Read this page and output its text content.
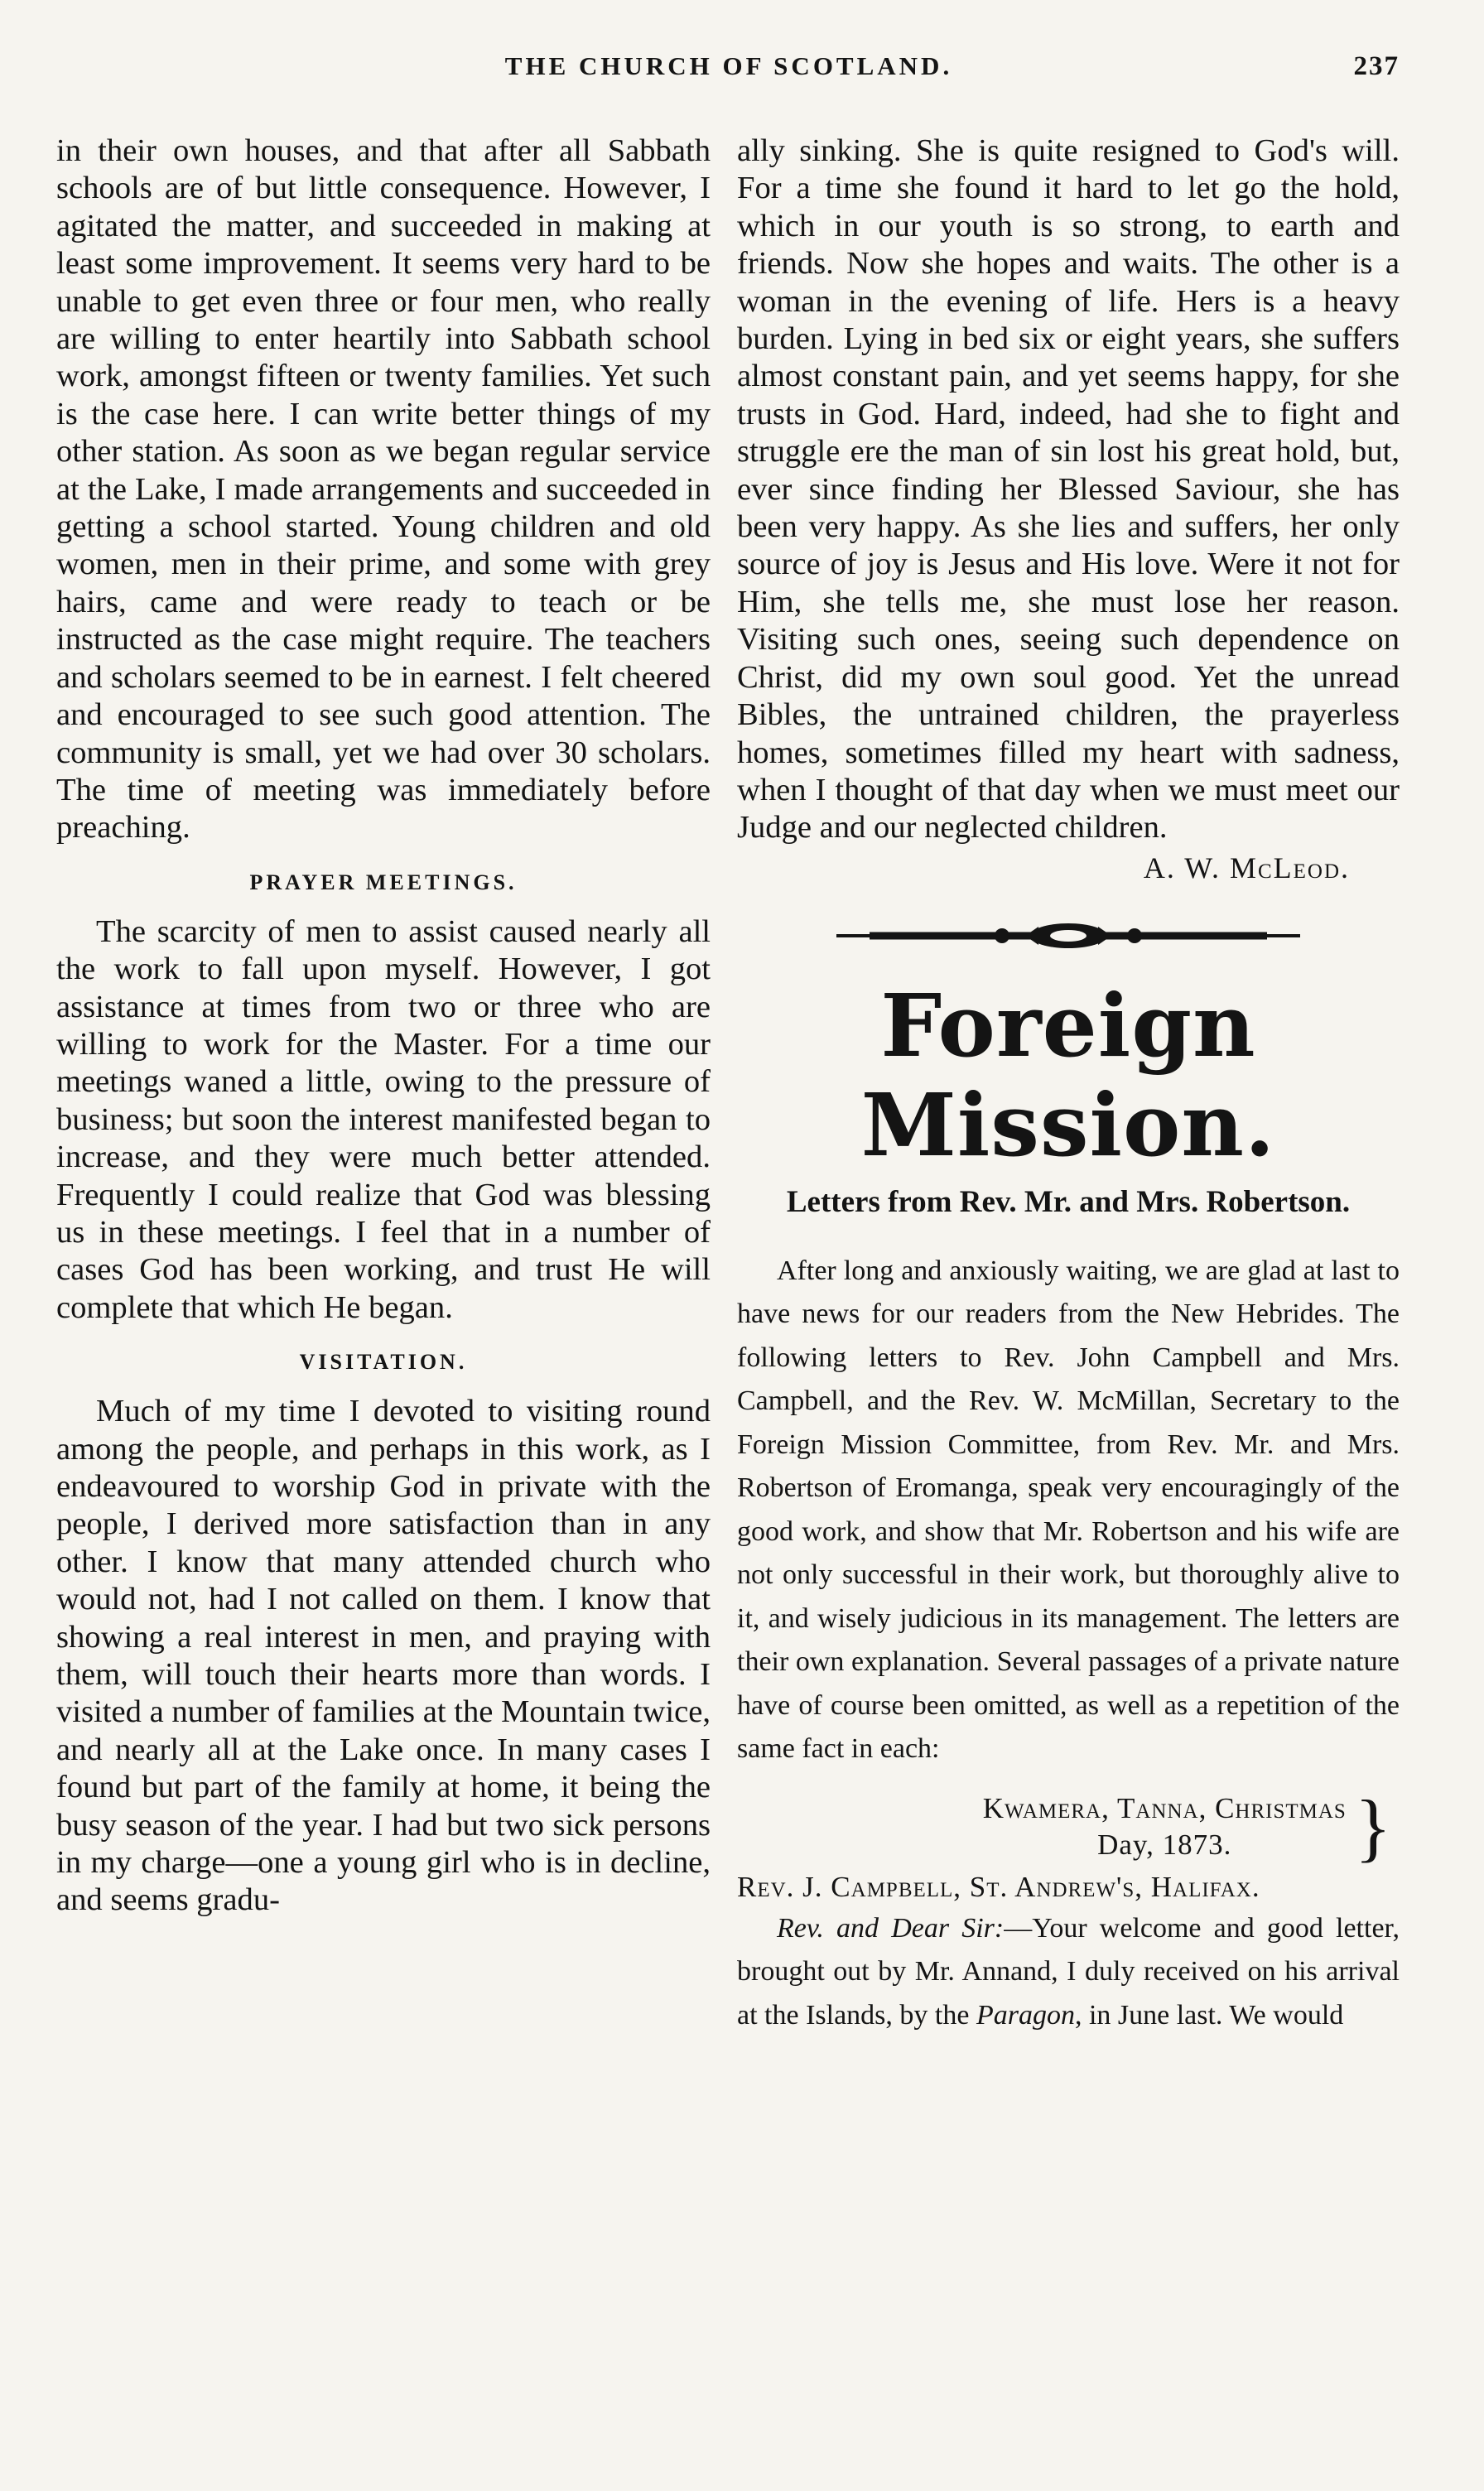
THE CHURCH OF SCOTLAND.	237

in their own houses, and that after all Sabbath schools are of but little consequence. However, I agitated the matter, and succeeded in making at least some improvement. It seems very hard to be unable to get even three or four men, who really are willing to enter heartily into Sabbath school work, amongst fifteen or twenty families. Yet such is the case here. I can write better things of my other station. As soon as we began regular service at the Lake, I made arrangements and succeeded in getting a school started. Young children and old women, men in their prime, and some with grey hairs, came and were ready to teach or be instructed as the case might require. The teachers and scholars seemed to be in earnest. I felt cheered and encouraged to see such good attention. The community is small, yet we had over 30 scholars. The time of meeting was immediately before preaching.

PRAYER MEETINGS.

The scarcity of men to assist caused nearly all the work to fall upon myself. However, I got assistance at times from two or three who are willing to work for the Master. For a time our meetings waned a little, owing to the pressure of business; but soon the interest manifested began to increase, and they were much better attended. Frequently I could realize that God was blessing us in these meetings. I feel that in a number of cases God has been working, and trust He will complete that which He began.

VISITATION.

Much of my time I devoted to visiting round among the people, and perhaps in this work, as I endeavoured to worship God in private with the people, I derived more satisfaction than in any other. I know that many attended church who would not, had I not called on them. I know that showing a real interest in men, and praying with them, will touch their hearts more than words. I visited a number of families at the Mountain twice, and nearly all at the Lake once. In many cases I found but part of the family at home, it being the busy season of the year. I had but two sick persons in my charge—one a young girl who is in decline, and seems gradu-

ally sinking. She is quite resigned to God's will. For a time she found it hard to let go the hold, which in our youth is so strong, to earth and friends. Now she hopes and waits. The other is a woman in the evening of life. Hers is a heavy burden. Lying in bed six or eight years, she suffers almost constant pain, and yet seems happy, for she trusts in God. Hard, indeed, had she to fight and struggle ere the man of sin lost his great hold, but, ever since finding her Blessed Saviour, she has been very happy. As she lies and suffers, her only source of joy is Jesus and His love. Were it not for Him, she tells me, she must lose her reason. Visiting such ones, seeing such dependence on Christ, did my own soul good. Yet the unread Bibles, the untrained children, the prayerless homes, sometimes filled my heart with sadness, when I thought of that day when we must meet our Judge and our neglected children.

A. W. McLeod.
Foreign Mission.
Letters from Rev. Mr. and Mrs. Robertson.

After long and anxiously waiting, we are glad at last to have news for our readers from the New Hebrides. The following letters to Rev. John Campbell and Mrs. Campbell, and the Rev. W. McMillan, Secretary to the Foreign Mission Committee, from Rev. Mr. and Mrs. Robertson of Eromanga, speak very encouragingly of the good work, and show that Mr. Robertson and his wife are not only successful in their work, but thoroughly alive to it, and wisely judicious in its management. The letters are their own explanation. Several passages of a private nature have of course been omitted, as well as a repetition of the same fact in each:

Kwamera, Tanna, Christmas
Day, 1873.	}
Rev. J. Campbell, St. Andrew's, Halifax.

Rev. and Dear Sir:—Your welcome and good letter, brought out by Mr. Annand, I duly received on his arrival at the Islands, by the Paragon, in June last. We would
